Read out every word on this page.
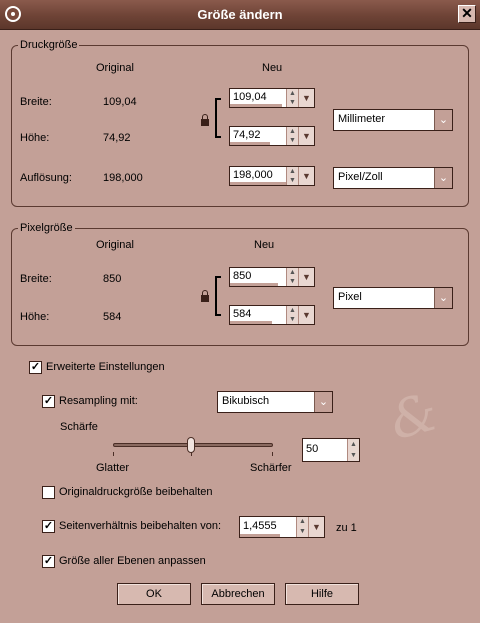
Größe ändern	✕
Druckgröße
Original	Neu
Breite:	109,04	109,04	▲
▼ ▼
Höhe:	74,92	74,92	▲
▼ ▼
Millimeter	⌄
Auflösung:	198,000	198,000 ▲
▼ ▼ Pixel/Zoll	⌄
Pixelgröße
Original	Neu
Breite:	850	850	▲
▼ ▼
Höhe:	584	584	▲
▼ ▼
Pixel	⌄
✓ Erweiterte Einstellungen
✓ Resampling mit:	Bikubisch	⌄
Schärfe
Glatter	Schärfer
50	▲
▼
&
Originaldruckgröße beibehalten
✓ Seitenverhältnis beibehalten von: 1,4555	▲
▼ ▼ zu 1
✓ Größe aller Ebenen anpassen
OK	Abbrechen	Hilfe
